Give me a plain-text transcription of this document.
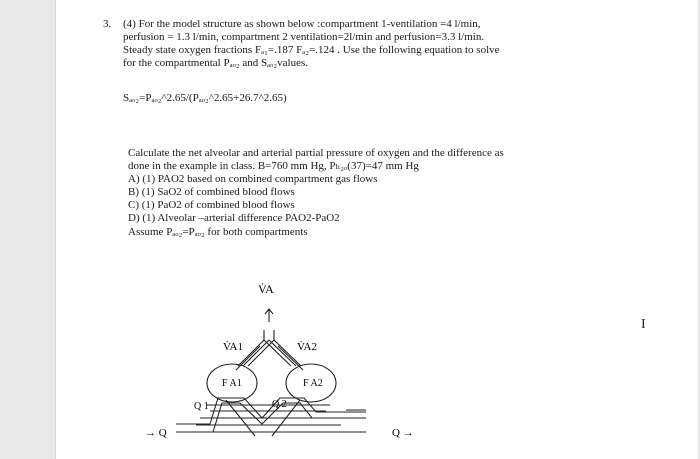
3. (4) For the model structure as shown below :compartment 1-ventilation =4 l/min,
perfusion = 1.3 l/min, compartment 2 ventilation=2l/min and perfusion=3.3 l/min.
Steady state oxygen fractions Fₐ₁=.187 Fₐ₂=.124 . Use the following equation to solve
for the compartmental Pₐₒ₂ and Sₐₒ₂values.
Sₐₒ₂=Pₐₒ₂^2.65/(Pₐₒ₂^2.65+26.7^2.65)
Calculate the net alveolar and arterial partial pressure of oxygen and the difference as
done in the example in class. B=760 mm Hg, Pₕ₂ₒ(37)=47 mm Hg
A) (1) PAO2 based on combined compartment gas flows
B) (1) SaO2 of combined blood flows
C) (1) PaO2 of combined blood flows
D) (1) Alveolar –arterial difference PAO2-PaO2
Assume Pₐₒ₂=Pₐₒ₂ for both compartments
V̇A
V̇A1	V̇A2
F A1	F A2
Q 1	Q 2
→ Q	Q →
I
